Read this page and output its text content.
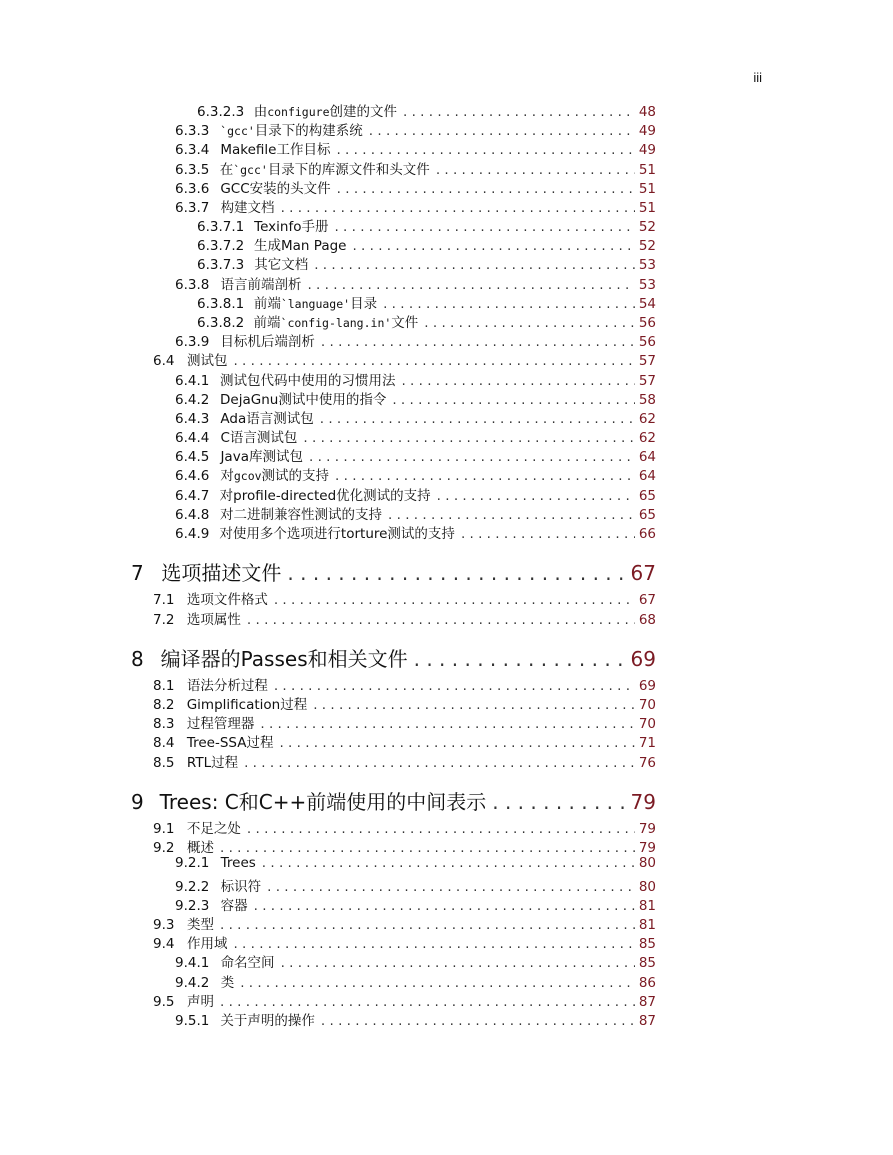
iii
6.3.2.3 由configure创建的文件 . . .	48
6.3.3 `gcc'目录下的构建系统 . . .	49
6.3.4 Makefile工作目标 . . .	49
6.3.5 在`gcc'目录下的库源文件和头文件 . . .	51
6.3.6 GCC安装的头文件 . . .	51
6.3.7 构建文档 . . .	51
6.3.7.1 Texinfo手册 . . .	52
6.3.7.2 生成Man Page . . .	52
6.3.7.3 其它文档 . . .	53
6.3.8 语言前端剖析 . . .	53
6.3.8.1 前端`language'目录 . . .	54
6.3.8.2 前端`config-lang.in'文件 . . .	56
6.3.9 目标机后端剖析 . . .	56
6.4 测试包 . . .	57
6.4.1 测试包代码中使用的习惯用法 . . .	57
6.4.2 DejaGnu测试中使用的指令 . . .	58
6.4.3 Ada语言测试包 . . .	62
6.4.4 C语言测试包 . . .	62
6.4.5 Java库测试包 . . .	64
6.4.6 对gcov测试的支持 . . .	64
6.4.7 对profile-directed优化测试的支持 . . .	65
6.4.8 对二进制兼容性测试的支持 . . .	65
6.4.9 对使用多个选项进行torture测试的支持 . . .	66
7 选项描述文件 . . .	67
7.1 选项文件格式 . . .	67
7.2 选项属性 . . .	68
8 编译器的Passes和相关文件 . . .	69
8.1 语法分析过程 . . .	69
8.2 Gimplification过程 . . .	70
8.3 过程管理器 . . .	70
8.4 Tree-SSA过程 . . .	71
8.5 RTL过程 . . .	76
9 Trees: C和C++前端使用的中间表示 . . .	79
9.1 不足之处 . . .	79
9.2 概述 . . .	79
9.2.1 Trees . . .	80
9.2.2 标识符 . . .	80
9.2.3 容器 . . .	81
9.3 类型 . . .	81
9.4 作用域 . . .	85
9.4.1 命名空间 . . .	85
9.4.2 类 . . .	86
9.5 声明 . . .	87
9.5.1 关于声明的操作 . . .	87
